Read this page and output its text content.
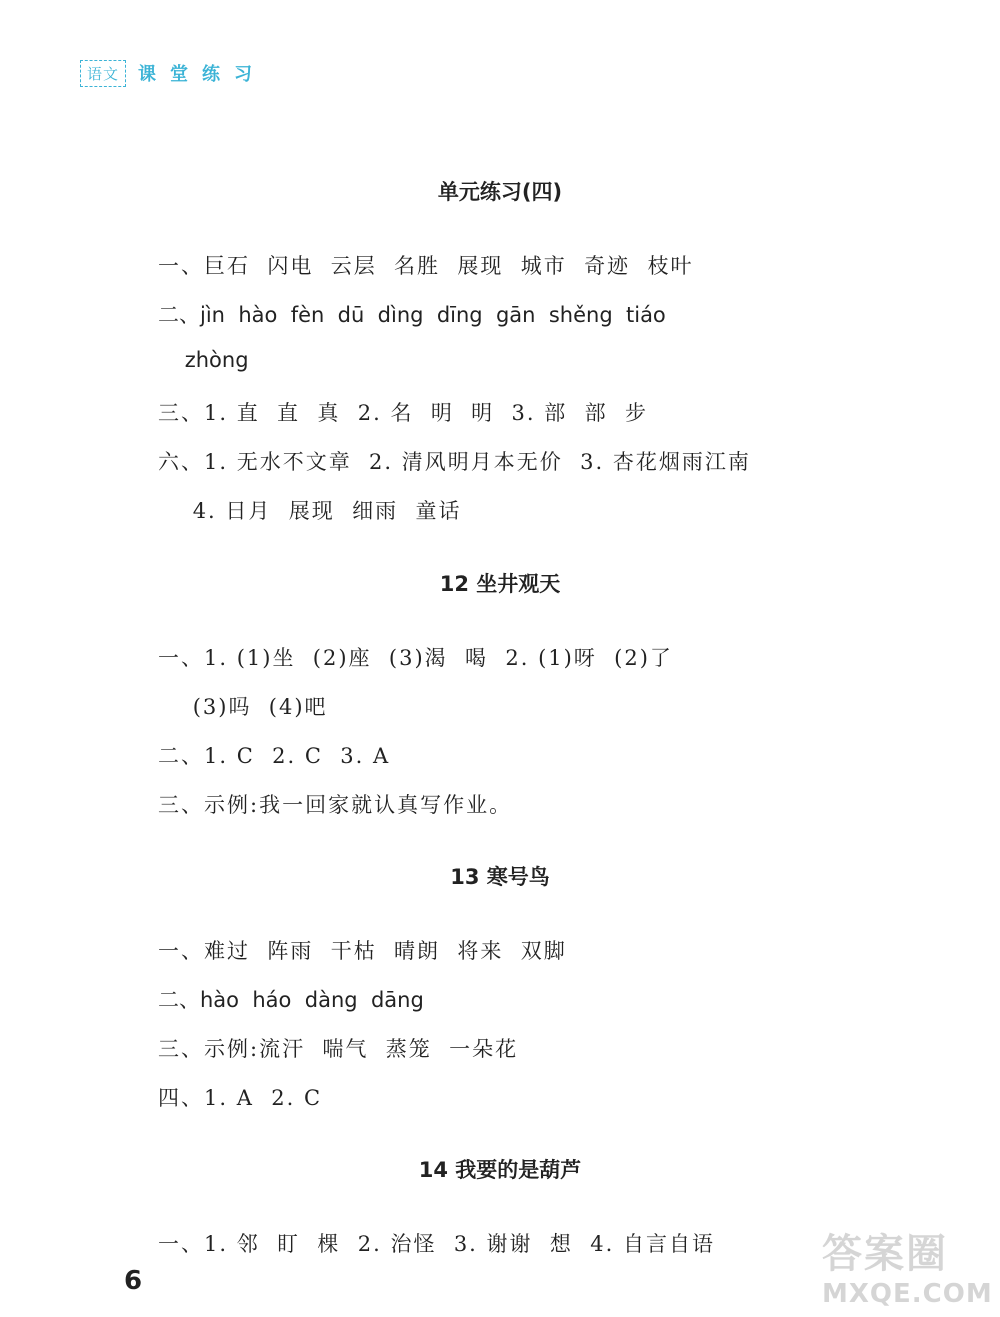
语文	课堂练习
单元练习(四)
一、巨石  闪电  云层  名胜  展现  城市  奇迹  枝叶
二、jìn  hào  fèn  dū  dìng  dīng  gān  shěng  tiáo
zhòng
三、1. 直  直  真  2. 名  明  明  3. 部  部  步
六、1. 无水不文章  2. 清风明月本无价  3. 杏花烟雨江南
4. 日月  展现  细雨  童话
12 坐井观天
一、1. (1)坐  (2)座  (3)渴  喝  2. (1)呀  (2)了
(3)吗  (4)吧
二、1. C  2. C  3. A
三、示例:我一回家就认真写作业。
13 寒号鸟
一、难过  阵雨  干枯  晴朗  将来  双脚
二、hào  háo  dàng  dāng
三、示例:流汗  喘气  蒸笼  一朵花
四、1. A  2. C
14 我要的是葫芦
一、1. 邻  盯  棵  2. 治怪  3. 谢谢  想  4. 自言自语
6
答案圈
MXQE.COM
